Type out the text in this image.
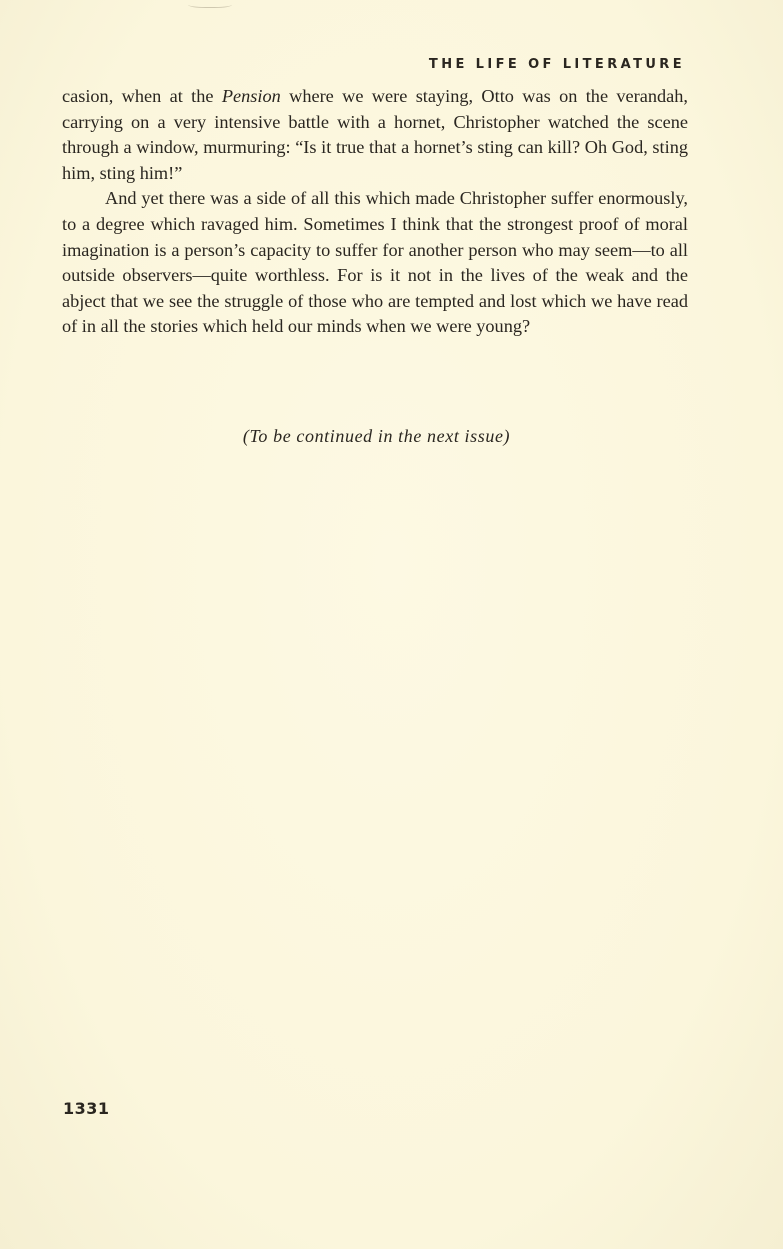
THE LIFE OF LITERATURE

casion, when at the Pension where we were staying, Otto was on the verandah, carrying on a very intensive battle with a hornet, Christopher watched the scene through a window, murmuring: “Is it true that a hornet’s sting can kill? Oh God, sting him, sting him!”

And yet there was a side of all this which made Christopher suffer enormously, to a degree which ravaged him. Sometimes I think that the strongest proof of moral imagination is a person’s capacity to suffer for another person who may seem—to all outside observers—quite worthless. For is it not in the lives of the weak and the abject that we see the struggle of those who are tempted and lost which we have read of in all the stories which held our minds when we were young?

(To be continued in the next issue)
1331
